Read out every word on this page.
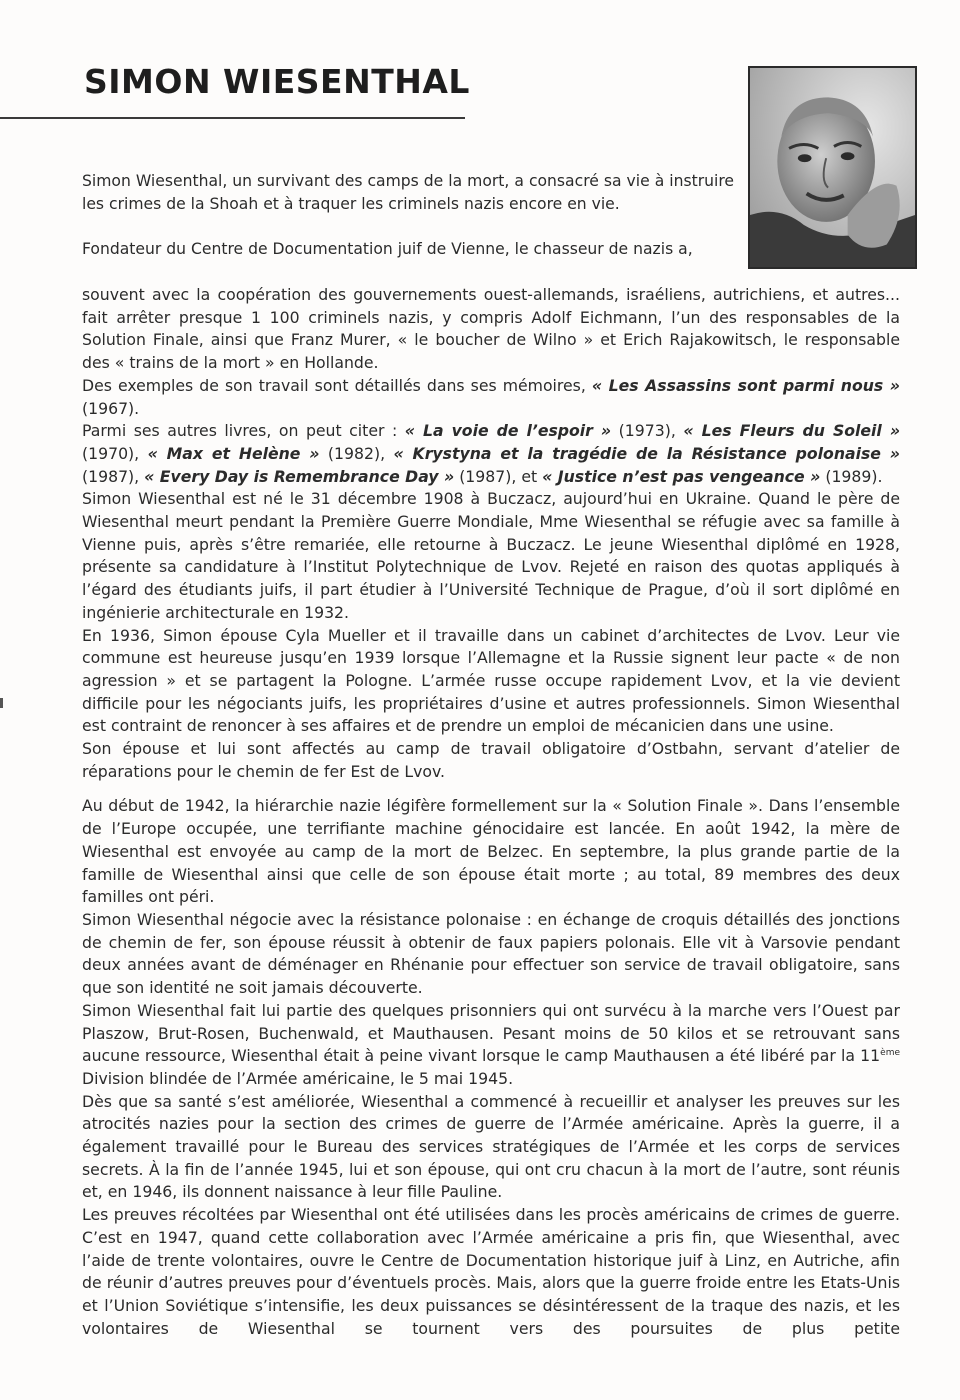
SIMON WIESENTHAL

Simon Wiesenthal, un survivant des camps de la mort, a consacré sa vie à instruire les crimes de la Shoah et à traquer les criminels nazis encore en vie.

Fondateur du Centre de Documentation juif de Vienne, le chasseur de nazis a,

souvent avec la coopération des gouvernements ouest-allemands, israéliens, autrichiens, et autres... fait arrêter presque 1 100 criminels nazis, y compris Adolf Eichmann, l’un des responsables de la Solution Finale, ainsi que Franz Murer, « le boucher de Wilno » et Erich Rajakowitsch, le responsable des « trains de la mort » en Hollande.

Des exemples de son travail sont détaillés dans ses mémoires, « Les Assassins sont parmi nous » (1967).

Parmi ses autres livres, on peut citer : « La voie de l’espoir » (1973), « Les Fleurs du Soleil » (1970), « Max et Helène » (1982), « Krystyna et la tragédie de la Résistance polonaise » (1987), « Every Day is Remembrance Day » (1987), et « Justice n’est pas vengeance » (1989).

Simon Wiesenthal est né le 31 décembre 1908 à Buczacz, aujourd’hui en Ukraine. Quand le père de Wiesenthal meurt pendant la Première Guerre Mondiale, Mme Wiesenthal se réfugie avec sa famille à Vienne puis, après s’être remariée, elle retourne à Buczacz. Le jeune Wiesenthal diplômé en 1928, présente sa candidature à l’Institut Polytechnique de Lvov. Rejeté en raison des quotas appliqués à l’égard des étudiants juifs, il part étudier à l’Université Technique de Prague, d’où il sort diplômé en ingénierie architecturale en 1932.

En 1936, Simon épouse Cyla Mueller et il travaille dans un cabinet d’architectes de Lvov. Leur vie commune est heureuse jusqu’en 1939 lorsque l’Allemagne et la Russie signent leur pacte « de non agression » et se partagent la Pologne. L’armée russe occupe rapidement Lvov, et la vie devient difficile pour les négociants juifs, les propriétaires d’usine et autres professionnels. Simon Wiesenthal est contraint de renoncer à ses affaires et de prendre un emploi de mécanicien dans une usine.

Son épouse et lui sont affectés au camp de travail obligatoire d’Ostbahn, servant d’atelier de réparations pour le chemin de fer Est de Lvov.

Au début de 1942, la hiérarchie nazie légifère formellement sur la « Solution Finale ». Dans l’ensemble de l’Europe occupée, une terrifiante machine génocidaire est lancée. En août 1942, la mère de Wiesenthal est envoyée au camp de la mort de Belzec. En septembre, la plus grande partie de la famille de Wiesenthal ainsi que celle de son épouse était morte ; au total, 89 membres des deux familles ont péri.

Simon Wiesenthal négocie avec la résistance polonaise : en échange de croquis détaillés des jonctions de chemin de fer, son épouse réussit à obtenir de faux papiers polonais. Elle vit à Varsovie pendant deux années avant de déménager en Rhénanie pour effectuer son service de travail obligatoire, sans que son identité ne soit jamais découverte.

Simon Wiesenthal fait lui partie des quelques prisonniers qui ont survécu à la marche vers l’Ouest par Plaszow, Brut-Rosen, Buchenwald, et Mauthausen. Pesant moins de 50 kilos et se retrouvant sans aucune ressource, Wiesenthal était à peine vivant lorsque le camp Mauthausen a été libéré par la 11ème Division blindée de l’Armée américaine, le 5 mai 1945.

Dès que sa santé s’est améliorée, Wiesenthal a commencé à recueillir et analyser les preuves sur les atrocités nazies pour la section des crimes de guerre de l’Armée américaine. Après la guerre, il a également travaillé pour le Bureau des services stratégiques de l’Armée et les corps de services secrets. À la fin de l’année 1945, lui et son épouse, qui ont cru chacun à la mort de l’autre, sont réunis et, en 1946, ils donnent naissance à leur fille Pauline.

Les preuves récoltées par Wiesenthal ont été utilisées dans les procès américains de crimes de guerre. C’est en 1947, quand cette collaboration avec l’Armée américaine a pris fin, que Wiesenthal, avec l’aide de trente volontaires, ouvre le Centre de Documentation historique juif à Linz, en Autriche, afin de réunir d’autres preuves pour d’éventuels procès. Mais, alors que la guerre froide entre les Etats-Unis et l’Union Soviétique s’intensifie, les deux puissances se désintéressent de la traque des nazis, et les volontaires de Wiesenthal se tournent vers des poursuites de plus petite
